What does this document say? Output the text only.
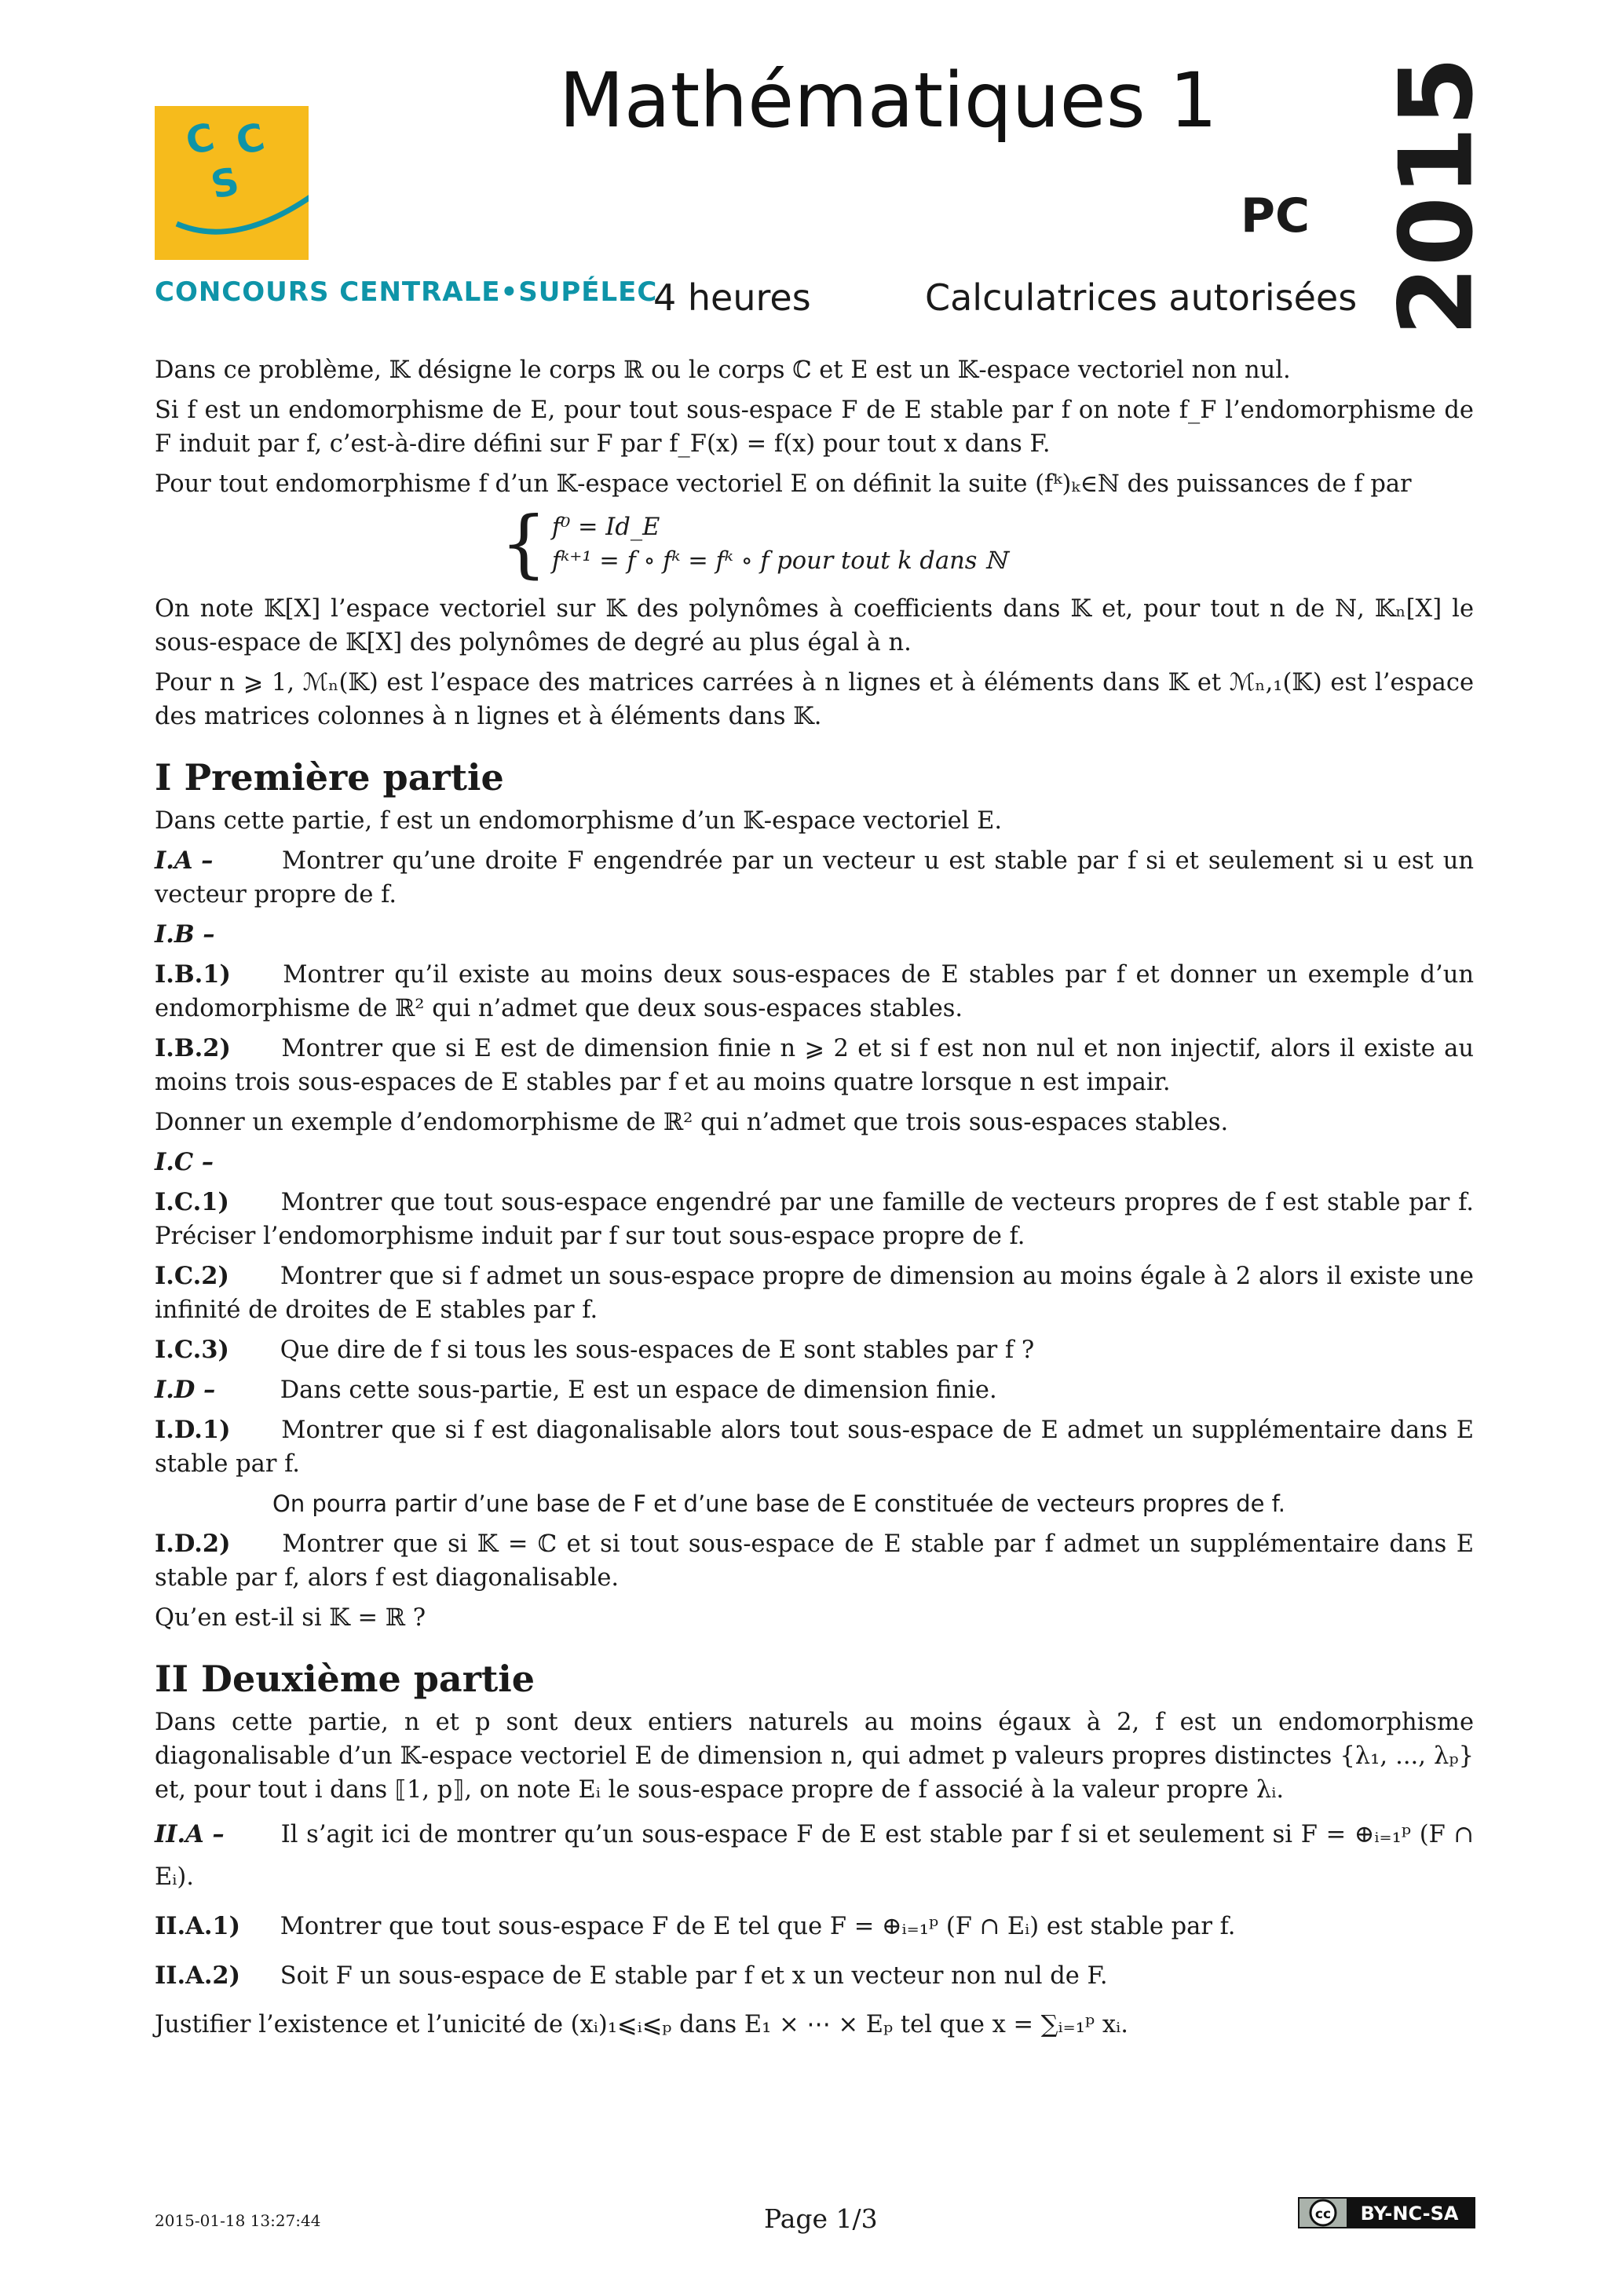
C C
S
CONCOURS CENTRALE•SUPÉLEC
Mathématiques 1
PC
4 heures	Calculatrices autorisées 2015

Dans ce problème, 𝕂 désigne le corps ℝ ou le corps ℂ et E est un 𝕂-espace vectoriel non nul.

Si f est un endomorphisme de E, pour tout sous-espace F de E stable par f on note f_F l’endomorphisme de F induit par f, c’est-à-dire défini sur F par f_F(x) = f(x) pour tout x dans F.

Pour tout endomorphisme f d’un 𝕂-espace vectoriel E on définit la suite (fᵏ)ₖ∈ℕ des puissances de f par

{ f⁰ = Id_E
fᵏ⁺¹ = f ∘ fᵏ = fᵏ ∘ f pour tout k dans ℕ

On note 𝕂[X] l’espace vectoriel sur 𝕂 des polynômes à coefficients dans 𝕂 et, pour tout n de ℕ, 𝕂ₙ[X] le sous-espace de 𝕂[X] des polynômes de degré au plus égal à n.

Pour n ⩾ 1, ℳₙ(𝕂) est l’espace des matrices carrées à n lignes et à éléments dans 𝕂 et ℳₙ,₁(𝕂) est l’espace des matrices colonnes à n lignes et à éléments dans 𝕂.

I Première partie

Dans cette partie, f est un endomorphisme d’un 𝕂-espace vectoriel E.

I.A –	Montrer qu’une droite F engendrée par un vecteur u est stable par f si et seulement si u est un vecteur propre de f.

I.B –

I.B.1) Montrer qu’il existe au moins deux sous-espaces de E stables par f et donner un exemple d’un endomorphisme de ℝ² qui n’admet que deux sous-espaces stables.

I.B.2) Montrer que si E est de dimension finie n ⩾ 2 et si f est non nul et non injectif, alors il existe au moins trois sous-espaces de E stables par f et au moins quatre lorsque n est impair.

Donner un exemple d’endomorphisme de ℝ² qui n’admet que trois sous-espaces stables.

I.C –

I.C.1) Montrer que tout sous-espace engendré par une famille de vecteurs propres de f est stable par f. Préciser l’endomorphisme induit par f sur tout sous-espace propre de f.

I.C.2) Montrer que si f admet un sous-espace propre de dimension au moins égale à 2 alors il existe une infinité de droites de E stables par f.

I.C.3) Que dire de f si tous les sous-espaces de E sont stables par f ?

I.D –	Dans cette sous-partie, E est un espace de dimension finie.

I.D.1) Montrer que si f est diagonalisable alors tout sous-espace de E admet un supplémentaire dans E stable par f.

On pourra partir d’une base de F et d’une base de E constituée de vecteurs propres de f.

I.D.2) Montrer que si 𝕂 = ℂ et si tout sous-espace de E stable par f admet un supplémentaire dans E stable par f, alors f est diagonalisable.

Qu’en est-il si 𝕂 = ℝ ?

II Deuxième partie

Dans cette partie, n et p sont deux entiers naturels au moins égaux à 2, f est un endomorphisme diagonalisable d’un 𝕂-espace vectoriel E de dimension n, qui admet p valeurs propres distinctes {λ₁, ..., λₚ} et, pour tout i dans ⟦1, p⟧, on note Eᵢ le sous-espace propre de f associé à la valeur propre λᵢ.

II.A – Il s’agit ici de montrer qu’un sous-espace F de E est stable par f si et seulement si F = ⊕ᵢ₌₁ᵖ (F ∩ Eᵢ).

II.A.1) Montrer que tout sous-espace F de E tel que F = ⊕ᵢ₌₁ᵖ (F ∩ Eᵢ) est stable par f.

II.A.2) Soit F un sous-espace de E stable par f et x un vecteur non nul de F.

Justifier l’existence et l’unicité de (xᵢ)₁⩽ᵢ⩽ₚ dans E₁ × ⋯ × Eₚ tel que x = ∑ᵢ₌₁ᵖ xᵢ.

2015-01-18 13:27:44	Page 1/3	cc BY-NC-SA
